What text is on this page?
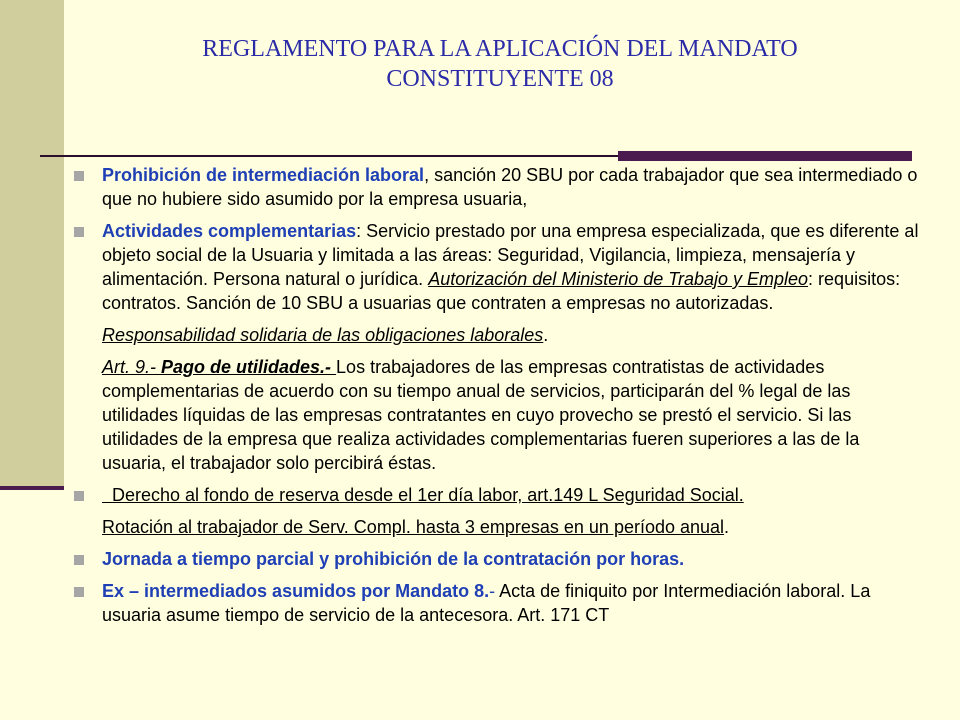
REGLAMENTO PARA LA APLICACIÓN DEL MANDATO
CONSTITUYENTE 08
Prohibición de intermediación laboral, sanción 20 SBU por cada trabajador que sea intermediado o que no hubiere sido asumido por la empresa usuaria,
Actividades complementarias: Servicio prestado por una empresa especializada, que es diferente al objeto social de la Usuaria y limitada a las áreas: Seguridad, Vigilancia, limpieza, mensajería y alimentación. Persona natural o jurídica. Autorización del Ministerio de Trabajo y Empleo: requisitos: contratos. Sanción de 10 SBU a usuarias que contraten a empresas no autorizadas.
Responsabilidad solidaria de las obligaciones laborales.
Art. 9.- Pago de utilidades.- Los trabajadores de las empresas contratistas de actividades complementarias de acuerdo con su tiempo anual de servicios, participarán del % legal de las utilidades líquidas de las empresas contratantes en cuyo provecho se prestó el servicio. Si las utilidades de la empresa que realiza actividades complementarias fueren superiores a las de la usuaria, el trabajador solo percibirá éstas.
Derecho al fondo de reserva desde el 1er día labor, art.149 L Seguridad Social.
Rotación al trabajador de Serv. Compl. hasta 3 empresas en un período anual.
Jornada a tiempo parcial y prohibición de la contratación por horas.
Ex – intermediados asumidos por Mandato 8.- Acta de finiquito por Intermediación laboral. La usuaria asume tiempo de servicio de la antecesora. Art. 171 CT
